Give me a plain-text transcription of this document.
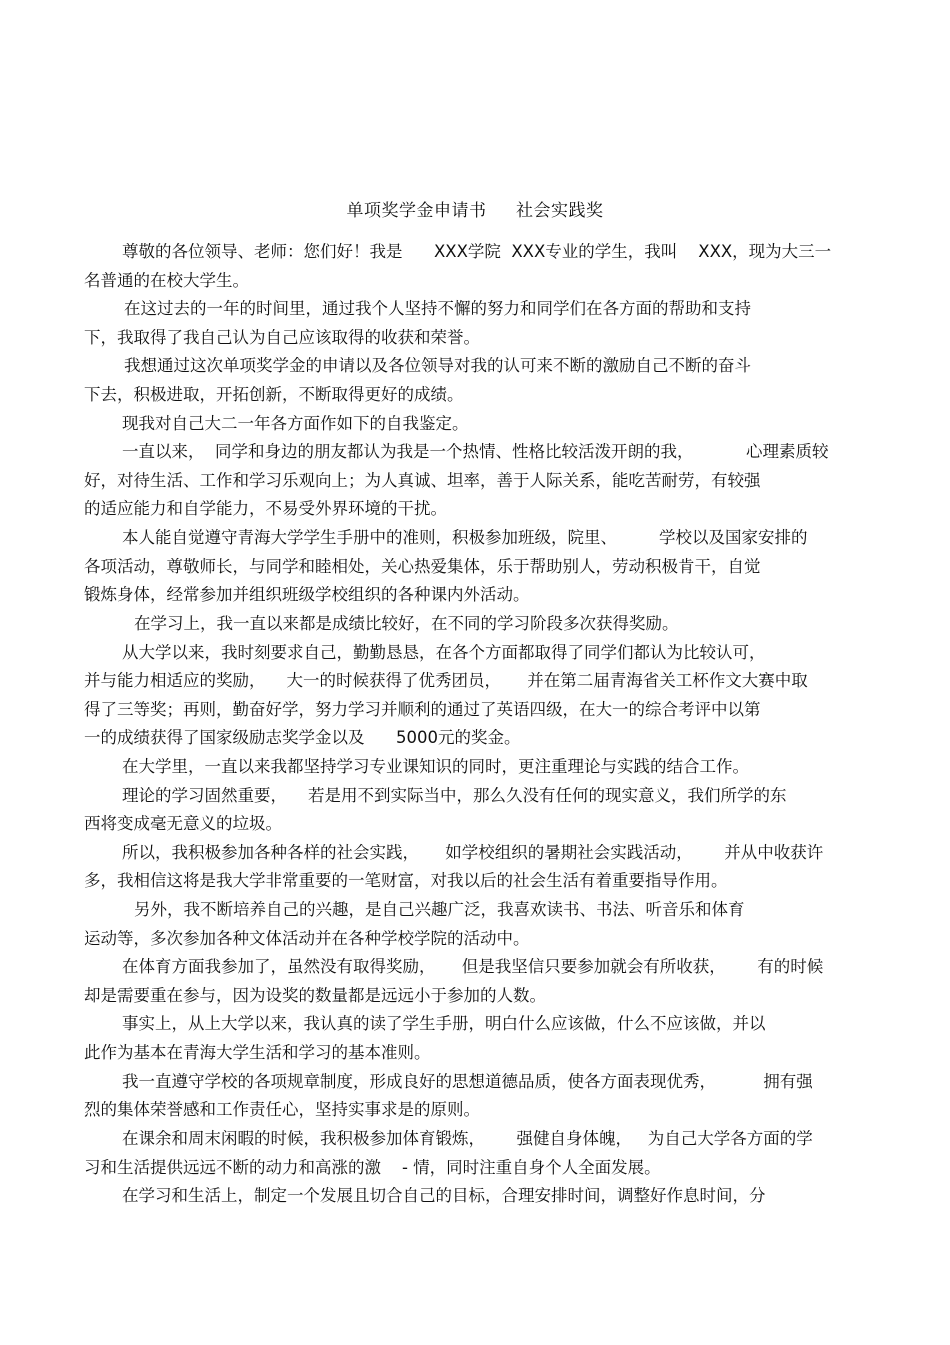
单项奖学金申请书     社会实践奖
尊敬的各位领导、老师：您们好！我是      XXX学院  XXX专业的学生，我叫    XXX，现为大三一
名普通的在校大学生。
在这过去的一年的时间里，通过我个人坚持不懈的努力和同学们在各方面的帮助和支持
下，我取得了我自己认为自己应该取得的收获和荣誉。
我想通过这次单项奖学金的申请以及各位领导对我的认可来不断的激励自己不断的奋斗
下去，积极进取，开拓创新，不断取得更好的成绩。
现我对自己大二一年各方面作如下的自我鉴定。
一直以来，  同学和身边的朋友都认为我是一个热情、性格比较活泼开朗的我，          心理素质较
好，对待生活、工作和学习乐观向上；为人真诚、坦率，善于人际关系，能吃苦耐劳，有较强
的适应能力和自学能力，不易受外界环境的干扰。
本人能自觉遵守青海大学学生手册中的准则，积极参加班级，院里、        学校以及国家安排的
各项活动，尊敬师长，与同学和睦相处，关心热爱集体，乐于帮助别人，劳动积极肯干，自觉
锻炼身体，经常参加并组织班级学校组织的各种课内外活动。
在学习上，我一直以来都是成绩比较好，在不同的学习阶段多次获得奖励。
从大学以来，我时刻要求自己，勤勤恳恳，在各个方面都取得了同学们都认为比较认可，
并与能力相适应的奖励，    大一的时候获得了优秀团员，     并在第二届青海省关工杯作文大赛中取
得了三等奖；再则，勤奋好学，努力学习并顺利的通过了英语四级，在大一的综合考评中以第
一的成绩获得了国家级励志奖学金以及      5000元的奖金。
在大学里，一直以来我都坚持学习专业课知识的同时，更注重理论与实践的结合工作。
理论的学习固然重要，    若是用不到实际当中，那么久没有任何的现实意义，我们所学的东
西将变成毫无意义的垃圾。
所以，我积极参加各种各样的社会实践，     如学校组织的暑期社会实践活动，      并从中收获许
多，我相信这将是我大学非常重要的一笔财富，对我以后的社会生活有着重要指导作用。
另外，我不断培养自己的兴趣，是自己兴趣广泛，我喜欢读书、书法、听音乐和体育
运动等，多次参加各种文体活动并在各种学校学院的活动中。
在体育方面我参加了，虽然没有取得奖励，     但是我坚信只要参加就会有所收获，      有的时候
却是需要重在参与，因为设奖的数量都是远远小于参加的人数。
事实上，从上大学以来，我认真的读了学生手册，明白什么应该做，什么不应该做，并以
此作为基本在青海大学生活和学习的基本准则。
我一直遵守学校的各项规章制度，形成良好的思想道德品质，使各方面表现优秀，         拥有强
烈的集体荣誉感和工作责任心，坚持实事求是的原则。
在课余和周末闲暇的时候，我积极参加体育锻炼，      强健自身体魄，   为自己大学各方面的学
习和生活提供远远不断的动力和高涨的激    - 情，同时注重自身个人全面发展。
在学习和生活上，制定一个发展且切合自己的目标，合理安排时间，调整好作息时间，分
